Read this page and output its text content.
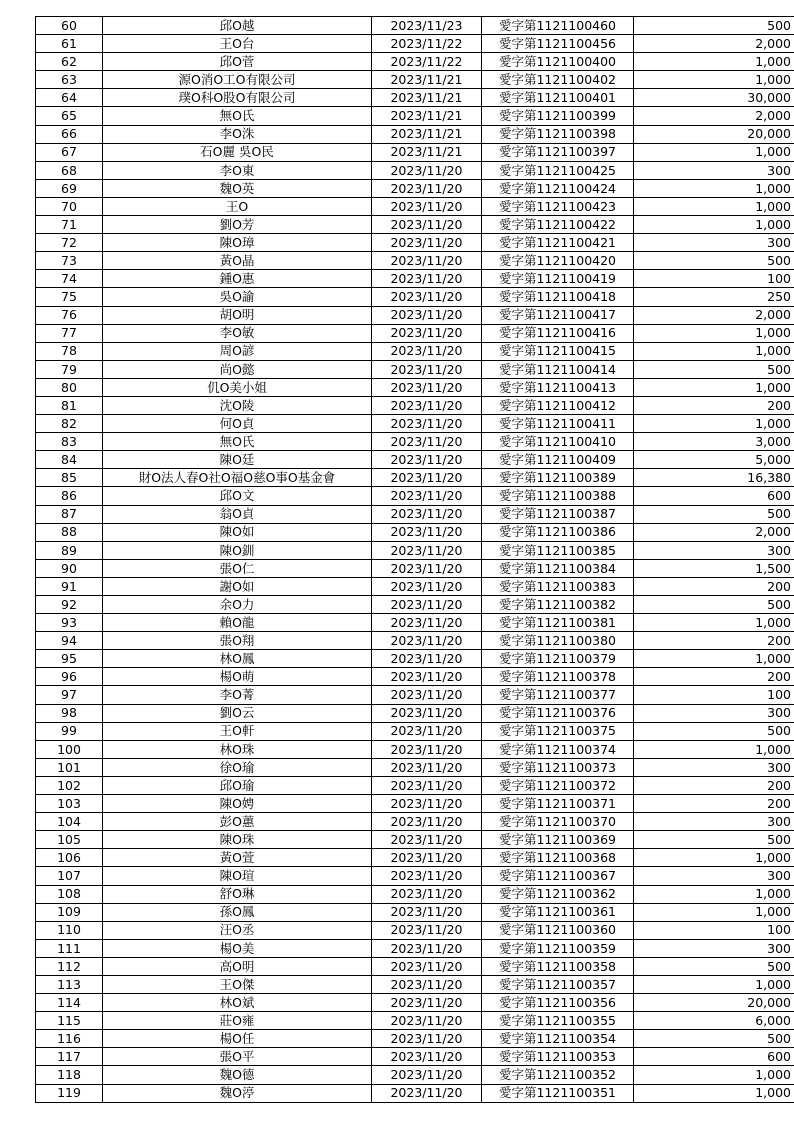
60	邱O越	2023/11/23	愛字第1121100460	500
61	王O台	2023/11/22	愛字第1121100456	2,000
62	邱O菅	2023/11/22	愛字第1121100400	1,000
63	源O消O工O有限公司	2023/11/21	愛字第1121100402	1,000
64	璞O科O股O有限公司	2023/11/21	愛字第1121100401	30,000
65	無O氏	2023/11/21	愛字第1121100399	2,000
66	李O洙	2023/11/21	愛字第1121100398	20,000
67	石O麗 吳O民	2023/11/21	愛字第1121100397	1,000
68	李O東	2023/11/20	愛字第1121100425	300
69	魏O英	2023/11/20	愛字第1121100424	1,000
70	王O	2023/11/20	愛字第1121100423	1,000
71	劉O芳	2023/11/20	愛字第1121100422	1,000
72	陳O璋	2023/11/20	愛字第1121100421	300
73	黃O晶	2023/11/20	愛字第1121100420	500
74	鍾O惠	2023/11/20	愛字第1121100419	100
75	吳O諭	2023/11/20	愛字第1121100418	250
76	胡O明	2023/11/20	愛字第1121100417	2,000
77	李O敏	2023/11/20	愛字第1121100416	1,000
78	周O諺	2023/11/20	愛字第1121100415	1,000
79	尚O懿	2023/11/20	愛字第1121100414	500
80	仉O美小姐	2023/11/20	愛字第1121100413	1,000
81	沈O陵	2023/11/20	愛字第1121100412	200
82	何O貞	2023/11/20	愛字第1121100411	1,000
83	無O氏	2023/11/20	愛字第1121100410	3,000
84	陳O廷	2023/11/20	愛字第1121100409	5,000
85	財O法人春O社O福O慈O事O基金會	2023/11/20	愛字第1121100389	16,380
86	邱O文	2023/11/20	愛字第1121100388	600
87	翁O貞	2023/11/20	愛字第1121100387	500
88	陳O如	2023/11/20	愛字第1121100386	2,000
89	陳O釧	2023/11/20	愛字第1121100385	300
90	張O仁	2023/11/20	愛字第1121100384	1,500
91	謝O如	2023/11/20	愛字第1121100383	200
92	余O力	2023/11/20	愛字第1121100382	500
93	賴O龍	2023/11/20	愛字第1121100381	1,000
94	張O翔	2023/11/20	愛字第1121100380	200
95	林O鳳	2023/11/20	愛字第1121100379	1,000
96	楊O萌	2023/11/20	愛字第1121100378	200
97	李O菁	2023/11/20	愛字第1121100377	100
98	劉O云	2023/11/20	愛字第1121100376	300
99	王O軒	2023/11/20	愛字第1121100375	500
100	林O珠	2023/11/20	愛字第1121100374	1,000
101	徐O瑜	2023/11/20	愛字第1121100373	300
102	邱O瑜	2023/11/20	愛字第1121100372	200
103	陳O娉	2023/11/20	愛字第1121100371	200
104	彭O蕙	2023/11/20	愛字第1121100370	300
105	陳O珠	2023/11/20	愛字第1121100369	500
106	黃O萱	2023/11/20	愛字第1121100368	1,000
107	陳O瑄	2023/11/20	愛字第1121100367	300
108	舒O琳	2023/11/20	愛字第1121100362	1,000
109	孫O鳳	2023/11/20	愛字第1121100361	1,000
110	汪O丞	2023/11/20	愛字第1121100360	100
111	楊O美	2023/11/20	愛字第1121100359	300
112	高O明	2023/11/20	愛字第1121100358	500
113	王O傑	2023/11/20	愛字第1121100357	1,000
114	林O斌	2023/11/20	愛字第1121100356	20,000
115	莊O雍	2023/11/20	愛字第1121100355	6,000
116	楊O任	2023/11/20	愛字第1121100354	500
117	張O平	2023/11/20	愛字第1121100353	600
118	魏O德	2023/11/20	愛字第1121100352	1,000
119	魏O渟	2023/11/20	愛字第1121100351	1,000
